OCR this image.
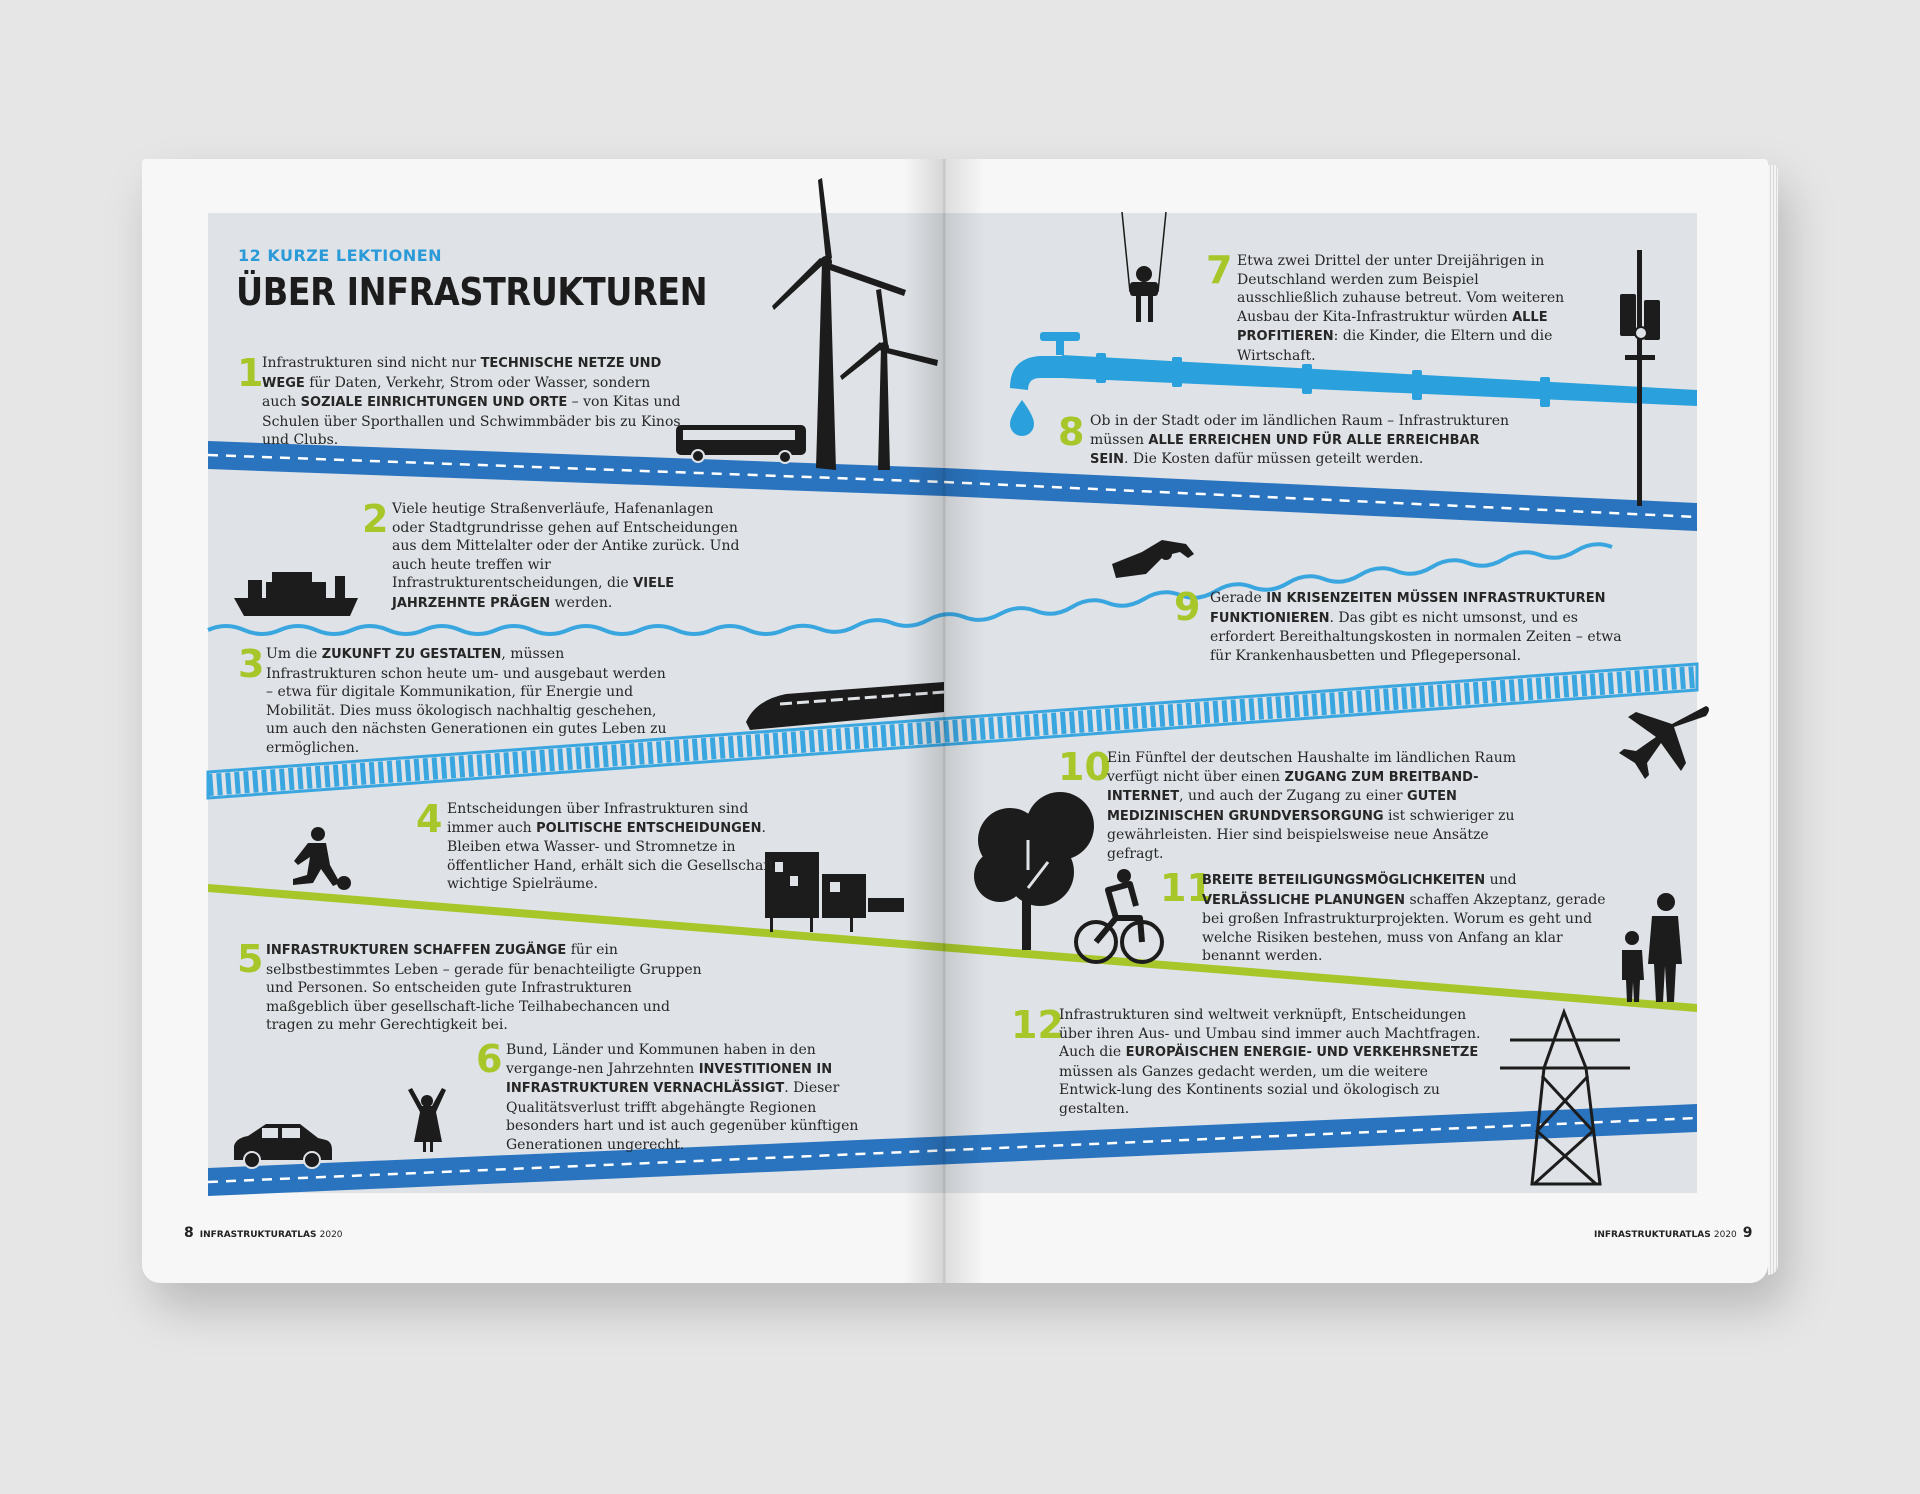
12 KURZE LEKTIONEN
ÜBER INFRASTRUKTUREN
1
2
3
4
5
6
7
8
9
10
11
12

Infrastrukturen sind nicht nur TECHNISCHE NETZE UND WEGE für Daten, Verkehr, Strom oder Wasser, sondern auch SOZIALE EINRICHTUNGEN UND ORTE – von Kitas und Schulen über Sporthallen und Schwimmbäder bis zu Kinos und Clubs.

Viele heutige Straßenverläufe, Hafenanlagen oder Stadtgrundrisse gehen auf Entscheidungen aus dem Mittelalter oder der Antike zurück. Und auch heute treffen wir Infrastrukturentscheidungen, die VIELE JAHRZEHNTE PRÄGEN werden.

Um die ZUKUNFT ZU GESTALTEN, müssen Infrastrukturen schon heute um- und ausgebaut werden – etwa für digitale Kommunikation, für Energie und Mobilität. Dies muss ökologisch nachhaltig geschehen, um auch den nächsten Generationen ein gutes Leben zu ermöglichen.

Entscheidungen über Infrastrukturen sind immer auch POLITISCHE ENTSCHEIDUNGEN. Bleiben etwa Wasser- und Stromnetze in öffentlicher Hand, erhält sich die Gesellschaft wichtige Spielräume.

INFRASTRUKTUREN SCHAFFEN ZUGÄNGE für ein selbstbestimmtes Leben – gerade für benachteiligte Gruppen und Personen. So entscheiden gute Infrastrukturen maßgeblich über gesellschaft-liche Teilhabechancen und tragen zu mehr Gerechtigkeit bei.

Bund, Länder und Kommunen haben in den vergange-nen Jahrzehnten INVESTITIONEN IN INFRASTRUKTUREN VERNACHLÄSSIGT. Dieser Qualitätsverlust trifft abgehängte Regionen besonders hart und ist auch gegenüber künftigen Generationen ungerecht.

Etwa zwei Drittel der unter Dreijährigen in Deutschland werden zum Beispiel ausschließlich zuhause betreut. Vom weiteren Ausbau der Kita-Infrastruktur würden ALLE PROFITIEREN: die Kinder, die Eltern und die Wirtschaft.

Ob in der Stadt oder im ländlichen Raum – Infrastrukturen müssen ALLE ERREICHEN UND FÜR ALLE ERREICHBAR SEIN. Die Kosten dafür müssen geteilt werden.

Gerade IN KRISENZEITEN MÜSSEN INFRASTRUKTUREN FUNKTIONIEREN. Das gibt es nicht umsonst, und es erfordert Bereithaltungskosten in normalen Zeiten – etwa für Krankenhausbetten und Pflegepersonal.

Ein Fünftel der deutschen Haushalte im ländlichen Raum verfügt nicht über einen ZUGANG ZUM BREITBAND-INTERNET, und auch der Zugang zu einer GUTEN MEDIZINISCHEN GRUNDVERSORGUNG ist schwieriger zu gewährleisten. Hier sind beispielsweise neue Ansätze gefragt.

BREITE BETEILIGUNGSMÖGLICHKEITEN und VERLÄSSLICHE PLANUNGEN schaffen Akzeptanz, gerade bei großen Infrastrukturprojekten. Worum es geht und welche Risiken bestehen, muss von Anfang an klar benannt werden.

Infrastrukturen sind weltweit verknüpft, Entscheidungen über ihren Aus- und Umbau sind immer auch Machtfragen. Auch die EUROPÄISCHEN ENERGIE- UND VERKEHRSNETZE müssen als Ganzes gedacht werden, um die weitere Entwick-lung des Kontinents sozial und ökologisch zu gestalten.

8 INFRASTRUKTURATLAS 2020	INFRASTRUKTURATLAS 2020 9
